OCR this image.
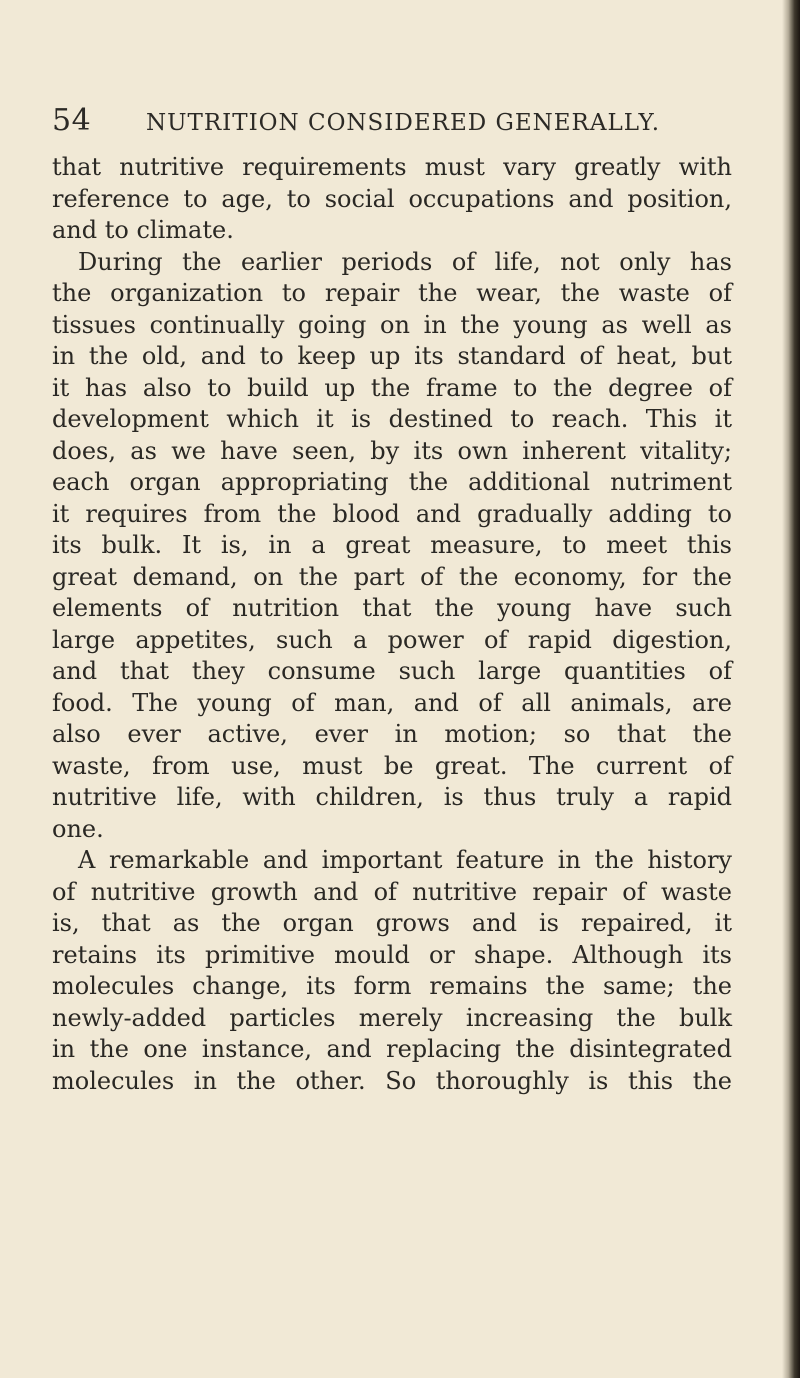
54 NUTRITION CONSIDERED GENERALLY.
that nutritive requirements must vary greatly with
reference to age, to social occupations and position,
and to climate.
During the earlier periods of life, not only has
the organization to repair the wear, the waste of
tissues continually going on in the young as well as
in the old, and to keep up its standard of heat, but
it has also to build up the frame to the degree of
development which it is destined to reach. This it
does, as we have seen, by its own inherent vitality;
each organ appropriating the additional nutriment
it requires from the blood and gradually adding to
its bulk. It is, in a great measure, to meet this
great demand, on the part of the economy, for the
elements of nutrition that the young have such
large appetites, such a power of rapid digestion,
and that they consume such large quantities of
food. The young of man, and of all animals, are
also ever active, ever in motion; so that the
waste, from use, must be great. The current of
nutritive life, with children, is thus truly a rapid
one.
A remarkable and important feature in the history
of nutritive growth and of nutritive repair of waste
is, that as the organ grows and is repaired, it
retains its primitive mould or shape. Although its
molecules change, its form remains the same; the
newly-added particles merely increasing the bulk
in the one instance, and replacing the disintegrated
molecules in the other. So thoroughly is this the
